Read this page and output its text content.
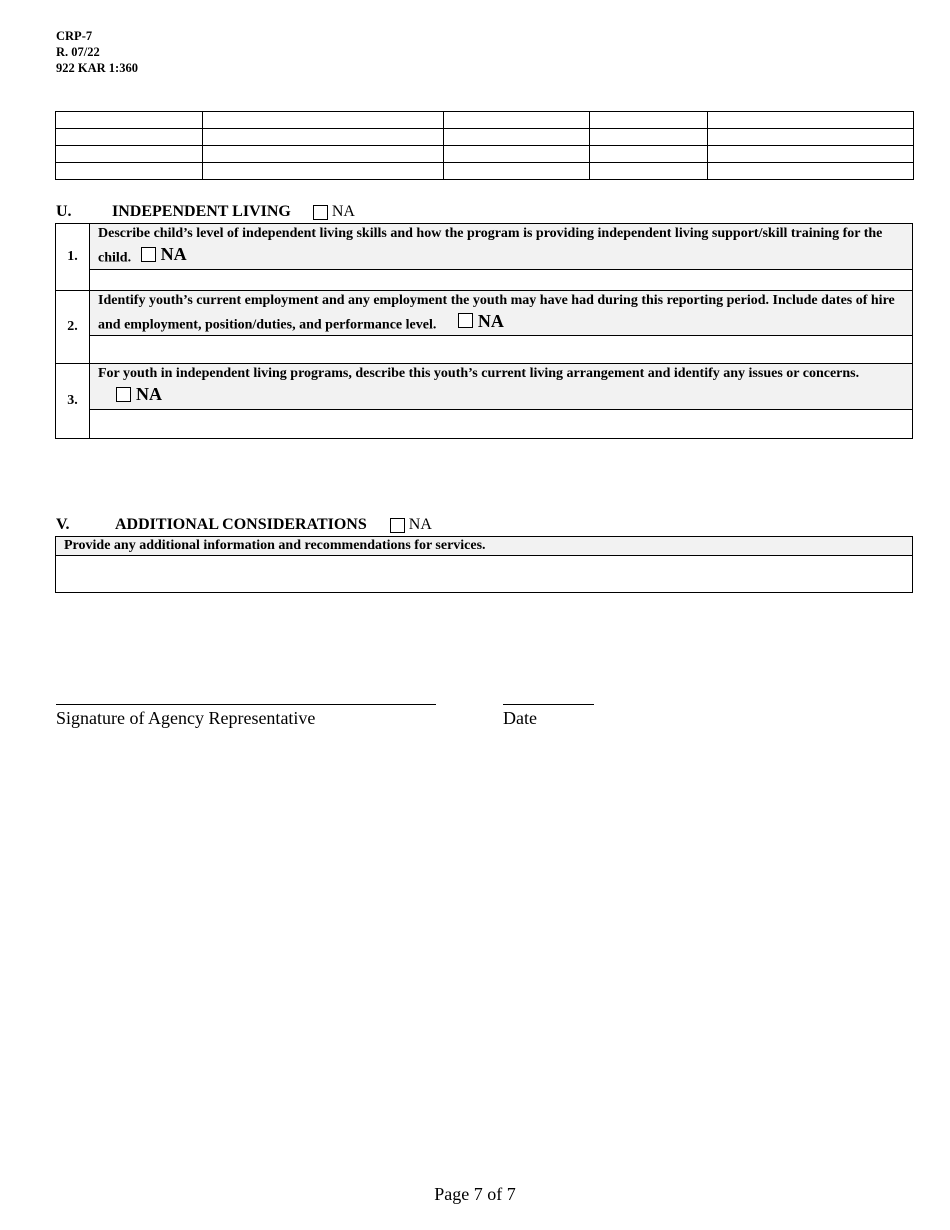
CRP-7
R. 07/22
922 KAR 1:360

U.	INDEPENDENT LIVING	NA
1.	Describe child’s level of independent living skills and how the program is providing independent living support/skill training for the child. NA

2.	Identify youth’s current employment and any employment the youth may have had during this reporting period. Include dates of hire and employment, position/duties, and performance level. NA

3.	For youth in independent living programs, describe this youth’s current living arrangement and identify any issues or concerns.
NA

V.	ADDITIONAL CONSIDERATIONS	NA
Provide any additional information and recommendations for services.

Signature of Agency Representative	Date
Page 7 of 7
